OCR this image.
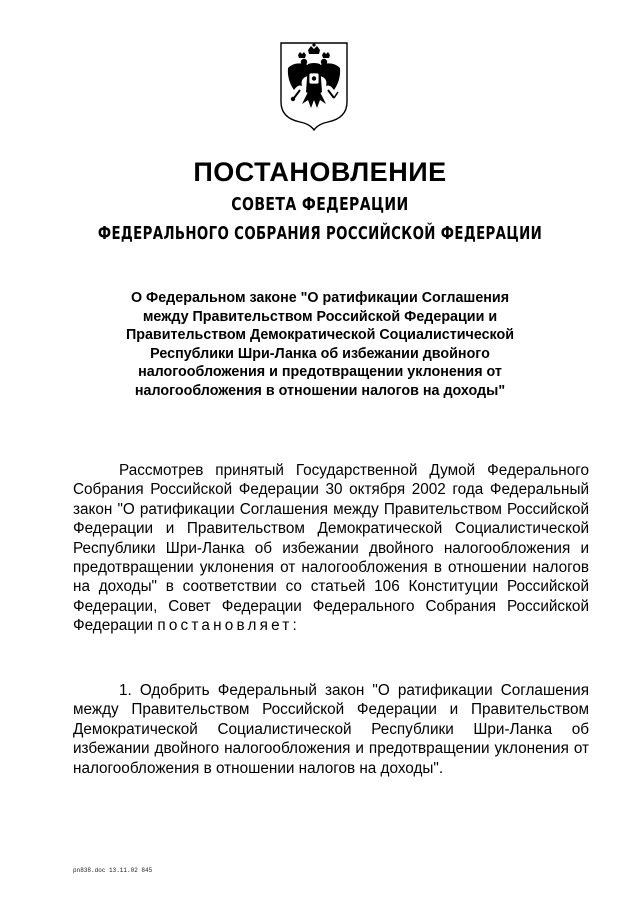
ПОСТАНОВЛЕНИЕ
СОВЕТА ФЕДЕРАЦИИ
ФЕДЕРАЛЬНОГО СОБРАНИЯ РОССИЙСКОЙ ФЕДЕРАЦИИ
О Федеральном законе "О ратификации Соглашения
между Правительством Российской Федерации и
Правительством Демократической Социалистической
Республики Шри-Ланка об избежании двойного
налогообложения и предотвращении уклонения от
налогообложения в отношении налогов на доходы"
Рассмотрев принятый Государственной Думой Федерального Собрания Российской Федерации 30 октября 2002 года Федеральный закон "О ратификации Соглашения между Правительством Российской Федерации и Правительством Демократической Социалистической Республики Шри-Ланка об избежании двойного налогообложения и предотвращении уклонения от налогообложения в отношении налогов на доходы" в соответствии со статьей 106 Конституции Российской Федерации, Совет Федерации Федерального Собрания Российской Федерации постановляет:
1. Одобрить Федеральный закон "О ратификации Соглашения между Правительством Российской Федерации и Правительством Демократической Социалистической Республики Шри-Ланка об избежании двойного налогообложения и предотвращении уклонения от налогообложения в отношении налогов на доходы".
pn838.doc 13.11.02 845
